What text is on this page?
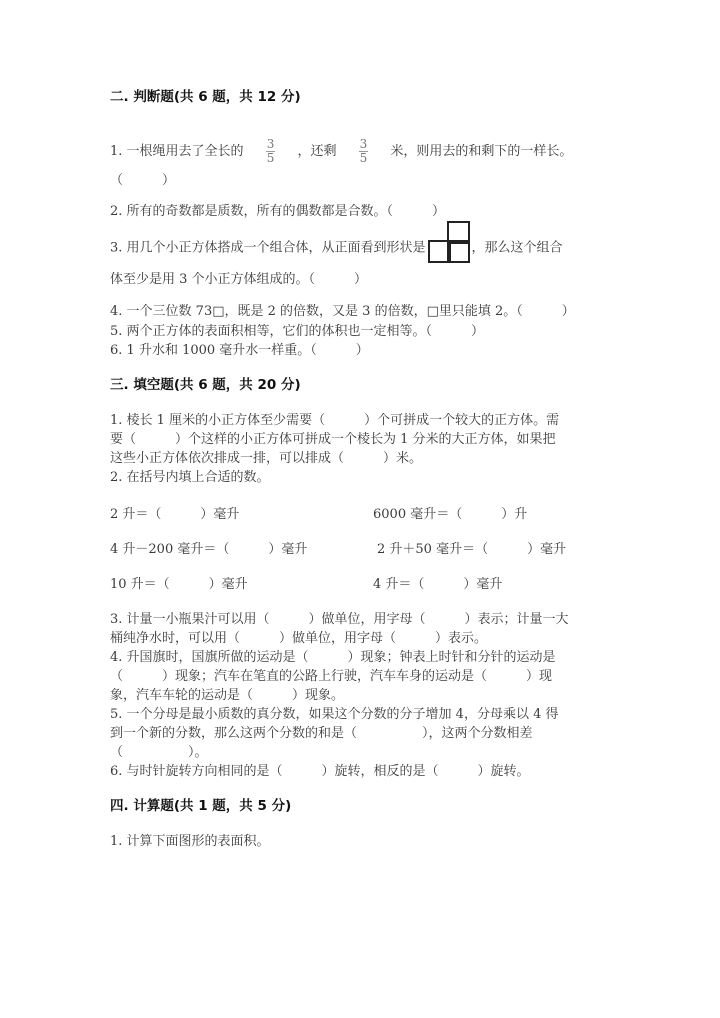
二. 判断题(共 6 题，共 12 分)
1. 一根绳用去了全长的 $\frac{3}{5}$ ，还剩 $\frac{3}{5}$ 米，则用去的和剩下的一样长。
（　　　）
2. 所有的奇数都是质数，所有的偶数都是合数。（　　　）
3. 用几个小正方体搭成一个组合体，从正面看到形状是	，那么这个组合
体至少是用 3 个小正方体组成的。（　　　）
4. 一个三位数 73□，既是 2 的倍数，又是 3 的倍数，□里只能填 2。（　　　）
5. 两个正方体的表面积相等，它们的体积也一定相等。（　　　）
6. 1 升水和 1000 毫升水一样重。（　　　）
三. 填空题(共 6 题，共 20 分)
1. 棱长 1 厘米的小正方体至少需要（　　　）个可拼成一个较大的正方体。需
要（　　　）个这样的小正方体可拼成一个棱长为 1 分米的大正方体，如果把
这些小正方体依次排成一排，可以排成（　　　）米。
2. 在括号内填上合适的数。
2 升＝（　　　）毫升	6000 毫升＝（　　　）升
4 升－200 毫升＝（　　　）毫升	2 升＋50 毫升＝（　　　）毫升
10 升＝（　　　）毫升	4 升＝（　　　）毫升
3. 计量一小瓶果汁可以用（　　　）做单位，用字母（　　　）表示；计量一大
桶纯净水时，可以用（　　　）做单位，用字母（　　　）表示。
4. 升国旗时，国旗所做的运动是（　　　）现象；钟表上时针和分针的运动是
（　　　）现象；汽车在笔直的公路上行驶，汽车车身的运动是（　　　）现
象，汽车车轮的运动是（　　　）现象。
5. 一个分母是最小质数的真分数，如果这个分数的分子增加 4，分母乘以 4 得
到一个新的分数，那么这两个分数的和是（　　　　　），这两个分数相差
（　　　　　）。
6. 与时针旋转方向相同的是（　　　）旋转，相反的是（　　　）旋转。
四. 计算题(共 1 题，共 5 分)
1. 计算下面图形的表面积。
